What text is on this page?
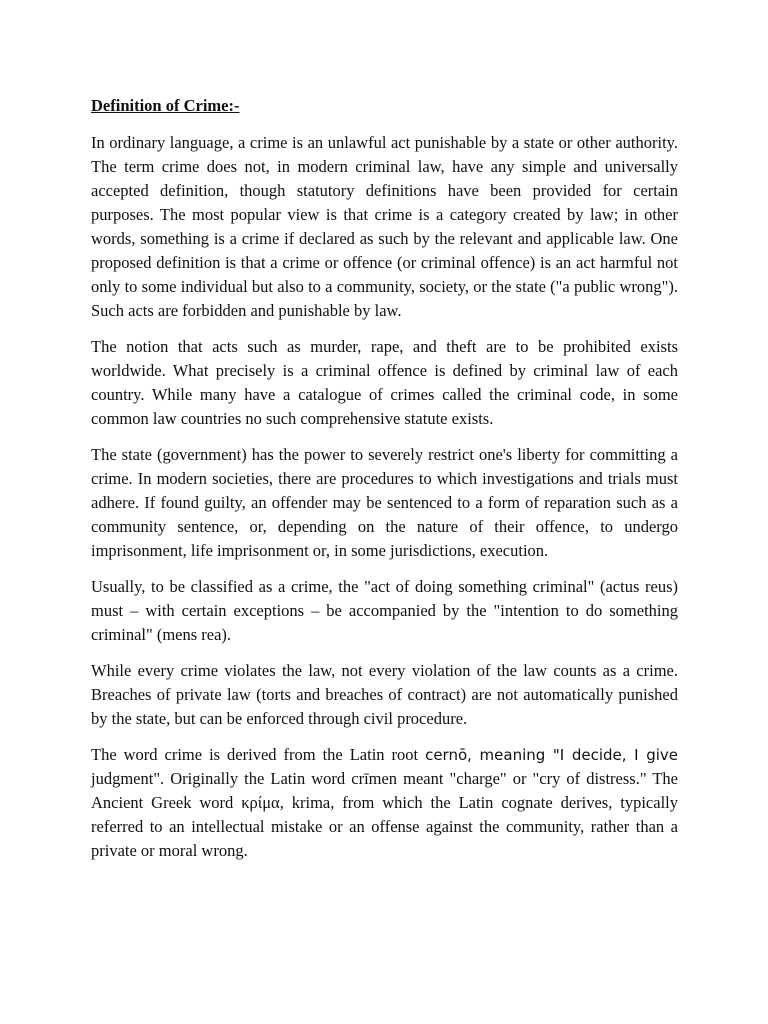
Definition of Crime:-

In ordinary language, a crime is an unlawful act punishable by a state or other authority. The term crime does not, in modern criminal law, have any simple and universally accepted definition, though statutory definitions have been provided for certain purposes. The most popular view is that crime is a category created by law; in other words, something is a crime if declared as such by the relevant and applicable law. One proposed definition is that a crime or offence (or criminal offence) is an act harmful not only to some individual but also to a community, society, or the state ("a public wrong"). Such acts are forbidden and punishable by law.

The notion that acts such as murder, rape, and theft are to be prohibited exists worldwide. What precisely is a criminal offence is defined by criminal law of each country. While many have a catalogue of crimes called the criminal code, in some common law countries no such comprehensive statute exists.

The state (government) has the power to severely restrict one's liberty for committing a crime. In modern societies, there are procedures to which investigations and trials must adhere. If found guilty, an offender may be sentenced to a form of reparation such as a community sentence, or, depending on the nature of their offence, to undergo imprisonment, life imprisonment or, in some jurisdictions, execution.

Usually, to be classified as a crime, the "act of doing something criminal" (actus reus) must – with certain exceptions – be accompanied by the "intention to do something criminal" (mens rea).

While every crime violates the law, not every violation of the law counts as a crime. Breaches of private law (torts and breaches of contract) are not automatically punished by the state, but can be enforced through civil procedure.

The word crime is derived from the Latin root cernō, meaning "I decide, I give judgment". Originally the Latin word crīmen meant "charge" or "cry of distress." The Ancient Greek word κρίμα, krima, from which the Latin cognate derives, typically referred to an intellectual mistake or an offense against the community, rather than a private or moral wrong.
